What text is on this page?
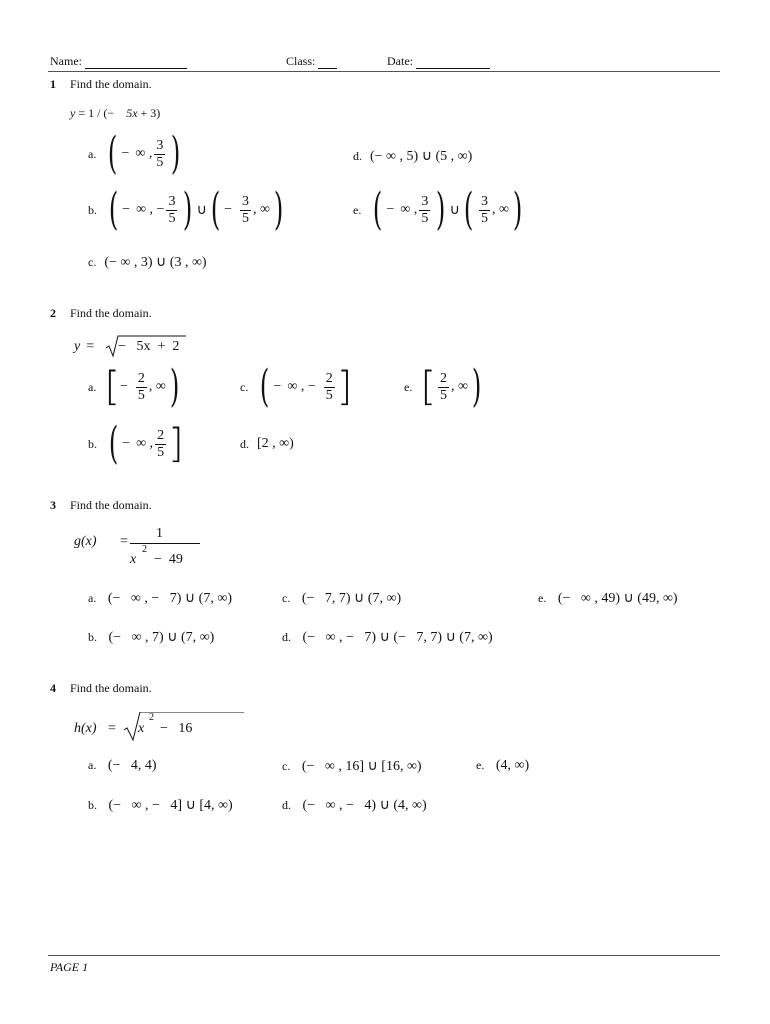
Name:	Class:	Date:
1 Find the domain.
y = 1 / (− 5x + 3)
a. ( − ∞ , $\frac{3}{5}$ )	d. (− ∞ , 5) ∪ (5 , ∞)
b. ( − ∞ , − $\frac{3}{5}$ ) ∪ ( − $\frac{3}{5}$ , ∞ )	e. ( − ∞ , $\frac{3}{5}$ ) ∪ ( $\frac{3}{5}$ , ∞ )
c. (− ∞ , 3) ∪ (3 , ∞)
2 Find the domain.
y = −   5x  +  2
a. [ − $\frac{2}{5}$ , ∞ )	c. ( − ∞ , − $\frac{2}{5}$ ]	e. [ $\frac{2}{5}$ , ∞ )
b. ( − ∞ , $\frac{2}{5}$ ]	d. [2 , ∞)
3 Find the domain.
g(x) =
1
x
2
−  49
a. (−   ∞ , −   7) ∪ (7, ∞)	c. (−   7, 7) ∪ (7, ∞)	e. (−   ∞ , 49) ∪ (49, ∞)
b. (−   ∞ , 7) ∪ (7, ∞)	d. (−   ∞ , −   7) ∪ (−   7, 7) ∪ (7, ∞)
4 Find the domain.
h(x) = x
2
−   16
a. (−   4, 4)	c. (−   ∞ , 16] ∪ [16, ∞)	e. (4, ∞)
b. (−   ∞ , −   4] ∪ [4, ∞)	d. (−   ∞ , −   4) ∪ (4, ∞)
PAGE 1
